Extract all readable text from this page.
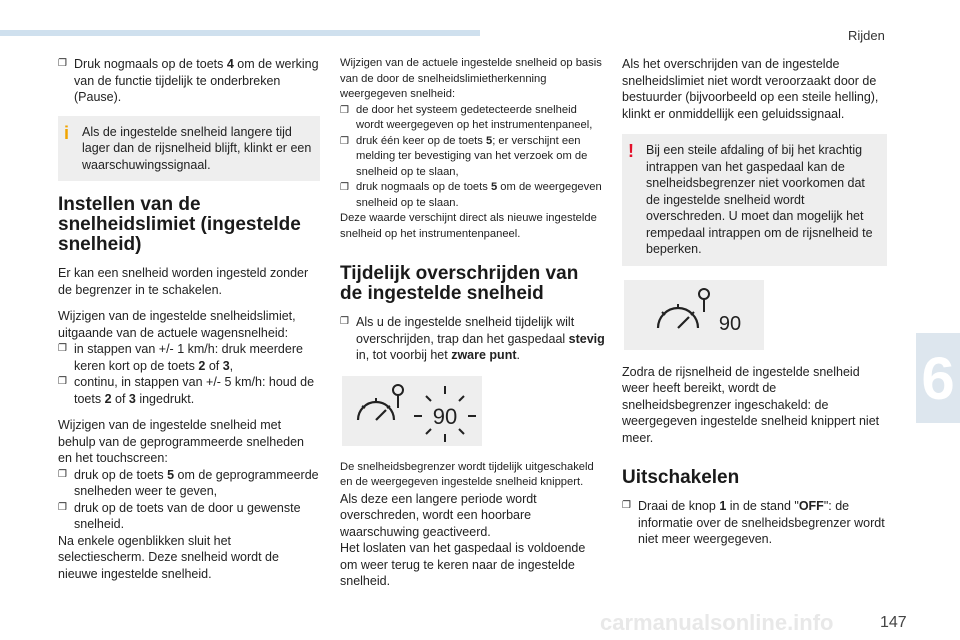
Rijden
6

❐ Druk nogmaals op de toets 4 om de werking van de functie tijdelijk te onderbreken (Pause).

i Als de ingestelde snelheid langere tijd lager dan de rijsnelheid blijft, klinkt er een waarschuwingssignaal.
Instellen van de snelheidslimiet (ingestelde snelheid)

Er kan een snelheid worden ingesteld zonder de begrenzer in te schakelen.

Wijzigen van de ingestelde snelheidslimiet, uitgaande van de actuele wagensnelheid:

❐ in stappen van +/- 1 km/h: druk meerdere keren kort op de toets 2 of 3,

❐ continu, in stappen van +/- 5 km/h: houd de toets 2 of 3 ingedrukt.

Wijzigen van de ingestelde snelheid met behulp van de geprogrammeerde snelheden en het touchscreen:

❐ druk op de toets 5 om de geprogrammeerde snelheden weer te geven,

❐ druk op de toets van de door u gewenste snelheid.

Na enkele ogenblikken sluit het selectiescherm. Deze snelheid wordt de nieuwe ingestelde snelheid.

Wijzigen van de actuele ingestelde snelheid op basis van de door de snelheidslimietherkenning weergegeven snelheid:

❐ de door het systeem gedetecteerde snelheid wordt weergegeven op het instrumentenpaneel,

❐ druk één keer op de toets 5; er verschijnt een melding ter bevestiging van het verzoek om de snelheid op te slaan,

❐ druk nogmaals op de toets 5 om de weergegeven snelheid op te slaan.

Deze waarde verschijnt direct als nieuwe ingestelde snelheid op het instrumentenpaneel.

Tijdelijk overschrijden van de ingestelde snelheid

❐ Als u de ingestelde snelheid tijdelijk wilt overschrijden, trap dan het gaspedaal stevig in, tot voorbij het zware punt.

90

De snelheidsbegrenzer wordt tijdelijk uitgeschakeld en de weergegeven ingestelde snelheid knippert.

Als deze een langere periode wordt overschreden, wordt een hoorbare waarschuwing geactiveerd.

Het loslaten van het gaspedaal is voldoende om weer terug te keren naar de ingestelde snelheid.

Als het overschrijden van de ingestelde snelheidslimiet niet wordt veroorzaakt door de bestuurder (bijvoorbeeld op een steile helling), klinkt er onmiddellijk een geluidssignaal.

! Bij een steile afdaling of bij het krachtig intrappen van het gaspedaal kan de snelheidsbegrenzer niet voorkomen dat de ingestelde snelheid wordt overschreden. U moet dan mogelijk het rempedaal intrappen om de rijsnelheid te beperken.
90

Zodra de rijsnelheid de ingestelde snelheid weer heeft bereikt, wordt de snelheidsbegrenzer ingeschakeld: de weergegeven ingestelde snelheid knippert niet meer.

Uitschakelen

❐ Draai de knop 1 in de stand "OFF": de informatie over de snelheidsbegrenzer wordt niet meer weergegeven.

carmanualsonline.info	147
